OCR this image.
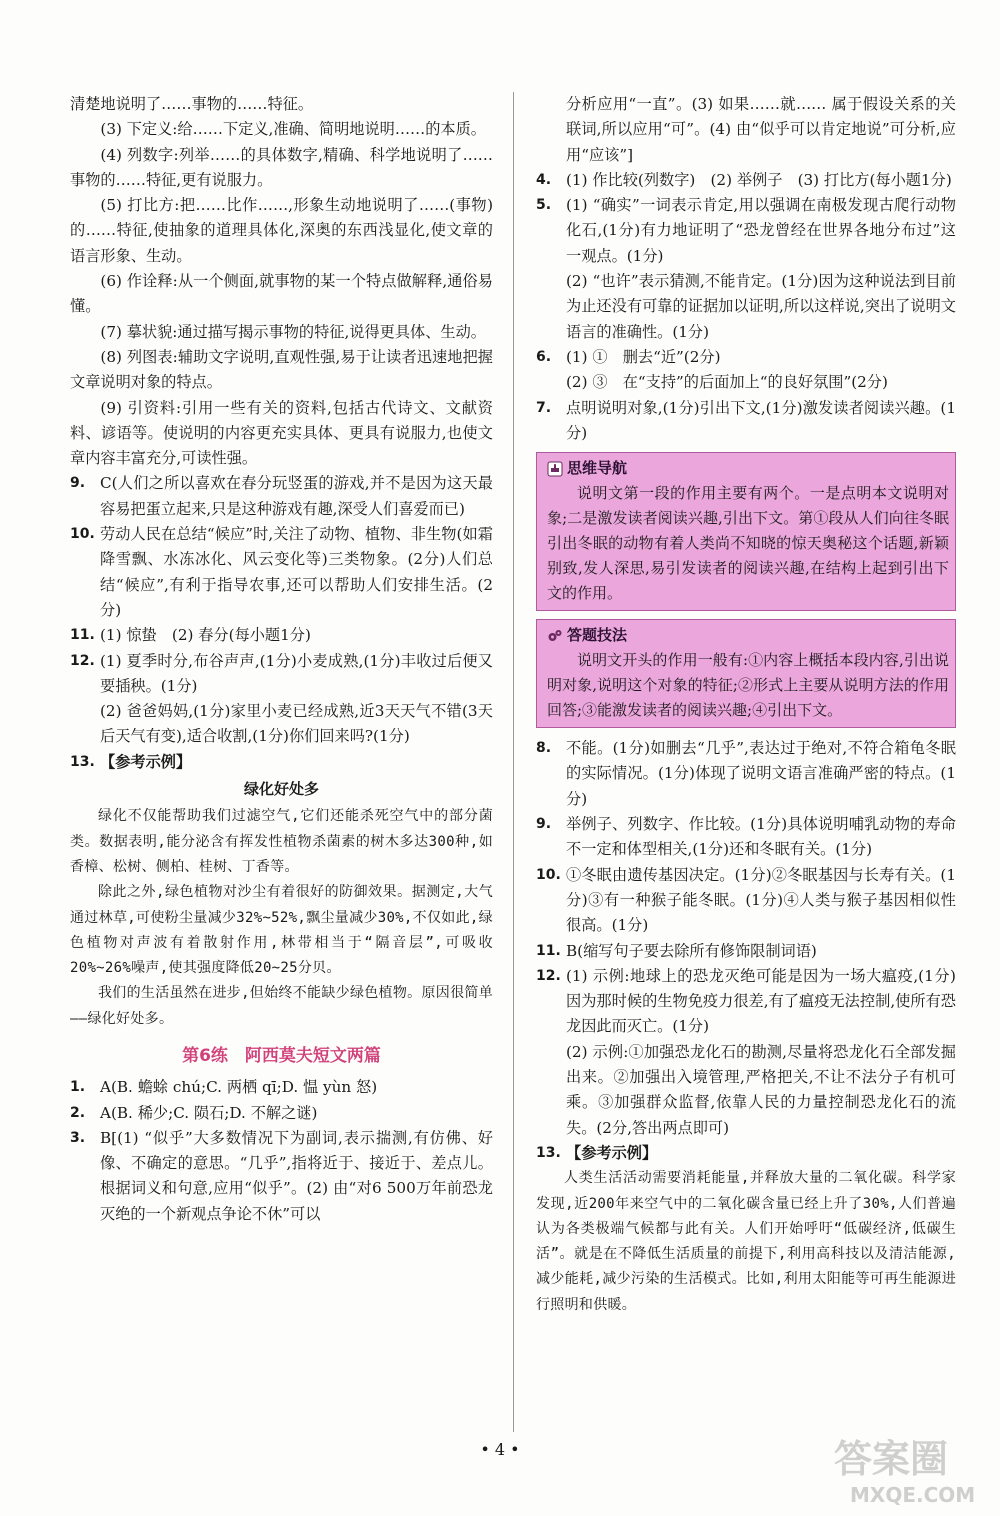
清楚地说明了……事物的……特征。

(3) 下定义:给……下定义,准确、简明地说明……的本质。

(4) 列数字:列举……的具体数字,精确、科学地说明了……事物的……特征,更有说服力。

(5) 打比方:把……比作……,形象生动地说明了……(事物)的……特征,使抽象的道理具体化,深奥的东西浅显化,使文章的语言形象、生动。

(6) 作诠释:从一个侧面,就事物的某一个特点做解释,通俗易懂。

(7) 摹状貌:通过描写揭示事物的特征,说得更具体、生动。

(8) 列图表:辅助文字说明,直观性强,易于让读者迅速地把握文章说明对象的特点。

(9) 引资料:引用一些有关的资料,包括古代诗文、文献资料、谚语等。使说明的内容更充实具体、更具有说服力,也使文章内容丰富充分,可读性强。

9. C(人们之所以喜欢在春分玩竖蛋的游戏,并不是因为这天最容易把蛋立起来,只是这种游戏有趣,深受人们喜爱而已)
10. 劳动人民在总结“候应”时,关注了动物、植物、非生物(如霜降雪飘、水冻冰化、风云变化等)三类物象。(2分)人们总结“候应”,有利于指导农事,还可以帮助人们安排生活。(2分)
11. (1) 惊蛰　(2) 春分(每小题1分)
12. (1) 夏季时分,布谷声声,(1分)小麦成熟,(1分)丰收过后便又要插秧。(1分)

(2) 爸爸妈妈,(1分)家里小麦已经成熟,近3天天气不错(3天后天气有变),适合收割,(1分)你们回来吗?(1分)

13. 【参考示例】
绿化好处多

绿化不仅能帮助我们过滤空气,它们还能杀死空气中的部分菌类。数据表明,能分泌含有挥发性植物杀菌素的树木多达300种,如香樟、松树、侧柏、桂树、丁香等。

除此之外,绿色植物对沙尘有着很好的防御效果。据测定,大气通过林草,可使粉尘量减少32%~52%,飘尘量减少30%,不仅如此,绿色植物对声波有着散射作用,林带相当于“隔音层”,可吸收20%~26%噪声,使其强度降低20~25分贝。

我们的生活虽然在进步,但始终不能缺少绿色植物。原因很简单——绿化好处多。

第6练　阿西莫夫短文两篇
1. A(B. 蟾蜍 chú;C. 两栖 qī;D. 愠 yùn 怒)
2. A(B. 稀少;C. 陨石;D. 不解之谜)
3. B[(1) “似乎”大多数情况下为副词,表示揣测,有仿佛、好像、不确定的意思。“几乎”,指将近于、接近于、差点儿。根据词义和句意,应用“似乎”。(2) 由“对6 500万年前恐龙灭绝的一个新观点争论不休”可以

分析应用“一直”。(3) 如果……就…… 属于假设关系的关联词,所以应用“可”。(4) 由“似乎可以肯定地说”可分析,应用“应该”]

4. (1) 作比较(列数字)　(2) 举例子　(3) 打比方(每小题1分)
5. (1) “确实”一词表示肯定,用以强调在南极发现古爬行动物化石,(1分)有力地证明了“恐龙曾经在世界各地分布过”这一观点。(1分)

(2) “也许”表示猜测,不能肯定。(1分)因为这种说法到目前为止还没有可靠的证据加以证明,所以这样说,突出了说明文语言的准确性。(1分)

6. (1) ①　删去“近”(2分)

(2) ③　在“支持”的后面加上“的良好氛围”(2分)

7. 点明说明对象,(1分)引出下文,(1分)激发读者阅读兴趣。(1分)
思维导航

说明文第一段的作用主要有两个。一是点明本文说明对象;二是激发读者阅读兴趣,引出下文。第①段从人们向往冬眠引出冬眠的动物有着人类尚不知晓的惊天奥秘这个话题,新颖别致,发人深思,易引发读者的阅读兴趣,在结构上起到引出下文的作用。

答题技法

说明文开头的作用一般有:①内容上概括本段内容,引出说明对象,说明这个对象的特征;②形式上主要从说明方法的作用回答;③能激发读者的阅读兴趣;④引出下文。

8. 不能。(1分)如删去“几乎”,表达过于绝对,不符合箱龟冬眠的实际情况。(1分)体现了说明文语言准确严密的特点。(1分)
9. 举例子、列数字、作比较。(1分)具体说明哺乳动物的寿命不一定和体型相关,(1分)还和冬眠有关。(1分)
10. ①冬眠由遗传基因决定。(1分)②冬眠基因与长寿有关。(1分)③有一种猴子能冬眠。(1分)④人类与猴子基因相似性很高。(1分)
11. B(缩写句子要去除所有修饰限制词语)
12. (1) 示例:地球上的恐龙灭绝可能是因为一场大瘟疫,(1分)因为那时候的生物免疫力很差,有了瘟疫无法控制,使所有恐龙因此而灭亡。(1分)

(2) 示例:①加强恐龙化石的勘测,尽量将恐龙化石全部发掘出来。②加强出入境管理,严格把关,不让不法分子有机可乘。③加强群众监督,依靠人民的力量控制恐龙化石的流失。(2分,答出两点即可)

13. 【参考示例】

人类生活活动需要消耗能量,并释放大量的二氧化碳。科学家发现,近200年来空气中的二氧化碳含量已经上升了30%,人们普遍认为各类极端气候都与此有关。人们开始呼吁“低碳经济,低碳生活”。就是在不降低生活质量的前提下,利用高科技以及清洁能源,减少能耗,减少污染的生活模式。比如,利用太阳能等可再生能源进行照明和供暖。

• 4 •	答案圈
MXQE.COM
